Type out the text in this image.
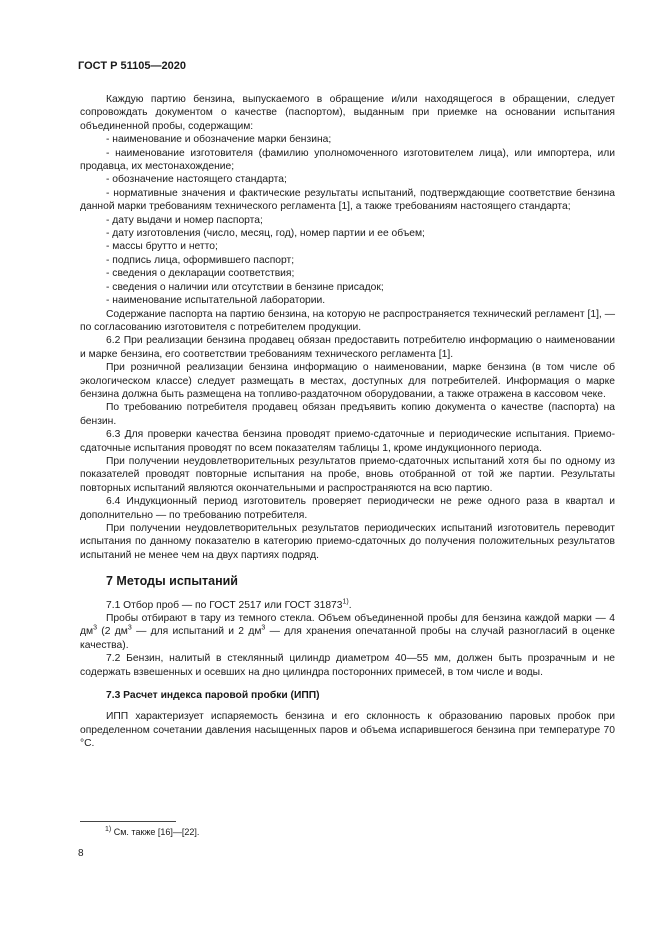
ГОСТ Р 51105—2020

Каждую партию бензина, выпускаемого в обращение и/или находящегося в обращении, следует сопровождать документом о качестве (паспортом), выданным при приемке на основании испытания объединенной пробы, содержащим:

- наименование и обозначение марки бензина;

- наименование изготовителя (фамилию уполномоченного изготовителем лица), или импортера, или продавца, их местонахождение;

- обозначение настоящего стандарта;

- нормативные значения и фактические результаты испытаний, подтверждающие соответствие бензина данной марки требованиям технического регламента [1], а также требованиям настоящего стандарта;

- дату выдачи и номер паспорта;

- дату изготовления (число, месяц, год), номер партии и ее объем;

- массы брутто и нетто;

- подпись лица, оформившего паспорт;

- сведения о декларации соответствия;

- сведения о наличии или отсутствии в бензине присадок;

- наименование испытательной лаборатории.

Содержание паспорта на партию бензина, на которую не распространяется технический регламент [1], — по согласованию изготовителя с потребителем продукции.

6.2 При реализации бензина продавец обязан предоставить потребителю информацию о наименовании и марке бензина, его соответствии требованиям технического регламента [1].

При розничной реализации бензина информацию о наименовании, марке бензина (в том числе об экологическом классе) следует размещать в местах, доступных для потребителей. Информация о марке бензина должна быть размещена на топливо-раздаточном оборудовании, а также отражена в кассовом чеке.

По требованию потребителя продавец обязан предъявить копию документа о качестве (паспорта) на бензин.

6.3 Для проверки качества бензина проводят приемо-сдаточные и периодические испытания. Приемо-сдаточные испытания проводят по всем показателям таблицы 1, кроме индукционного периода.

При получении неудовлетворительных результатов приемо-сдаточных испытаний хотя бы по одному из показателей проводят повторные испытания на пробе, вновь отобранной от той же партии. Результаты повторных испытаний являются окончательными и распространяются на всю партию.

6.4 Индукционный период изготовитель проверяет периодически не реже одного раза в квартал и дополнительно — по требованию потребителя.

При получении неудовлетворительных результатов периодических испытаний изготовитель переводит испытания по данному показателю в категорию приемо-сдаточных до получения положительных результатов испытаний не менее чем на двух партиях подряд.

7 Методы испытаний

7.1 Отбор проб — по ГОСТ 2517 или ГОСТ 31873$^{1)}$.

Пробы отбирают в тару из темного стекла. Объем объединенной пробы для бензина каждой марки — 4 $дм^3$ (2 $дм^3$ — для испытаний и 2 $дм^3$ — для хранения опечатанной пробы на случай разногласий в оценке качества).

7.2 Бензин, налитый в стеклянный цилиндр диаметром 40—55 мм, должен быть прозрачным и не содержать взвешенных и осевших на дно цилиндра посторонних примесей, в том числе и воды.

7.3 Расчет индекса паровой пробки (ИПП)

ИПП характеризует испаряемость бензина и его склонность к образованию паровых пробок при определенном сочетании давления насыщенных паров и объема испарившегося бензина при температуре 70 °С.

$^{1)}$ См. также [16]—[22].
8
